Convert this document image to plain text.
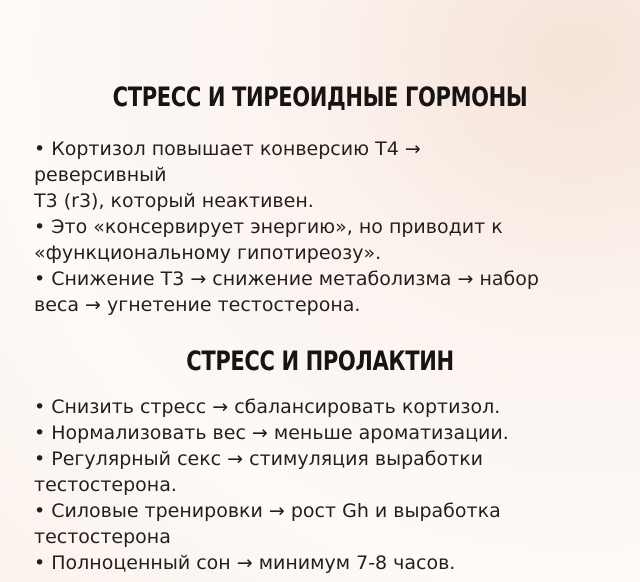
СТРЕСС И ТИРЕОИДНЫЕ ГОРМОНЫ

• Кортизол повышает конверсию Т4 →

реверсивный

Т3 (r3), который неактивен.

• Это «консервирует энергию», но приводит к

«функциональному гипотиреозу».

• Снижение Т3 → снижение метаболизма → набор

веса → угнетение тестостерона.

СТРЕСС И ПРОЛАКТИН

• Снизить стресс → сбалансировать кортизол.

• Нормализовать вес → меньше ароматизации.

• Регулярный секс → стимуляция выработки

тестостерона.

• Силовые тренировки → рост Gh и выработка

тестостерона

• Полноценный сон → минимум 7-8 часов.
